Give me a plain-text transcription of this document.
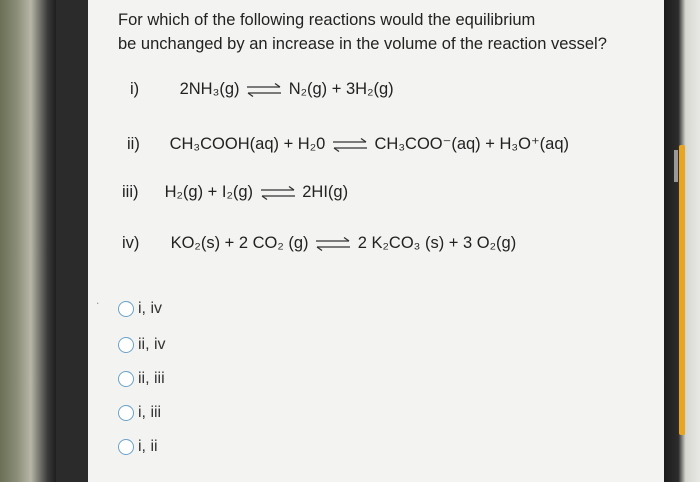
For which of the following reactions would the equilibrium
be unchanged by an increase in the volume of the reaction vessel?
i) 2NH₃(g) ⇌ N₂(g) + 3H₂(g)
ii) CH₃COOH(aq) + H₂0 ⇌ CH₃COO⁻(aq) + H₃O⁺(aq)
iii) H₂(g) + I₂(g) ⇌ 2HI(g)
iv) KO₂(s) + 2 CO₂ (g) ⇌ 2 K₂CO₃ (s) + 3 O₂(g)
. i, iv
ii, iv
ii, iii
i, iii
i, ii
